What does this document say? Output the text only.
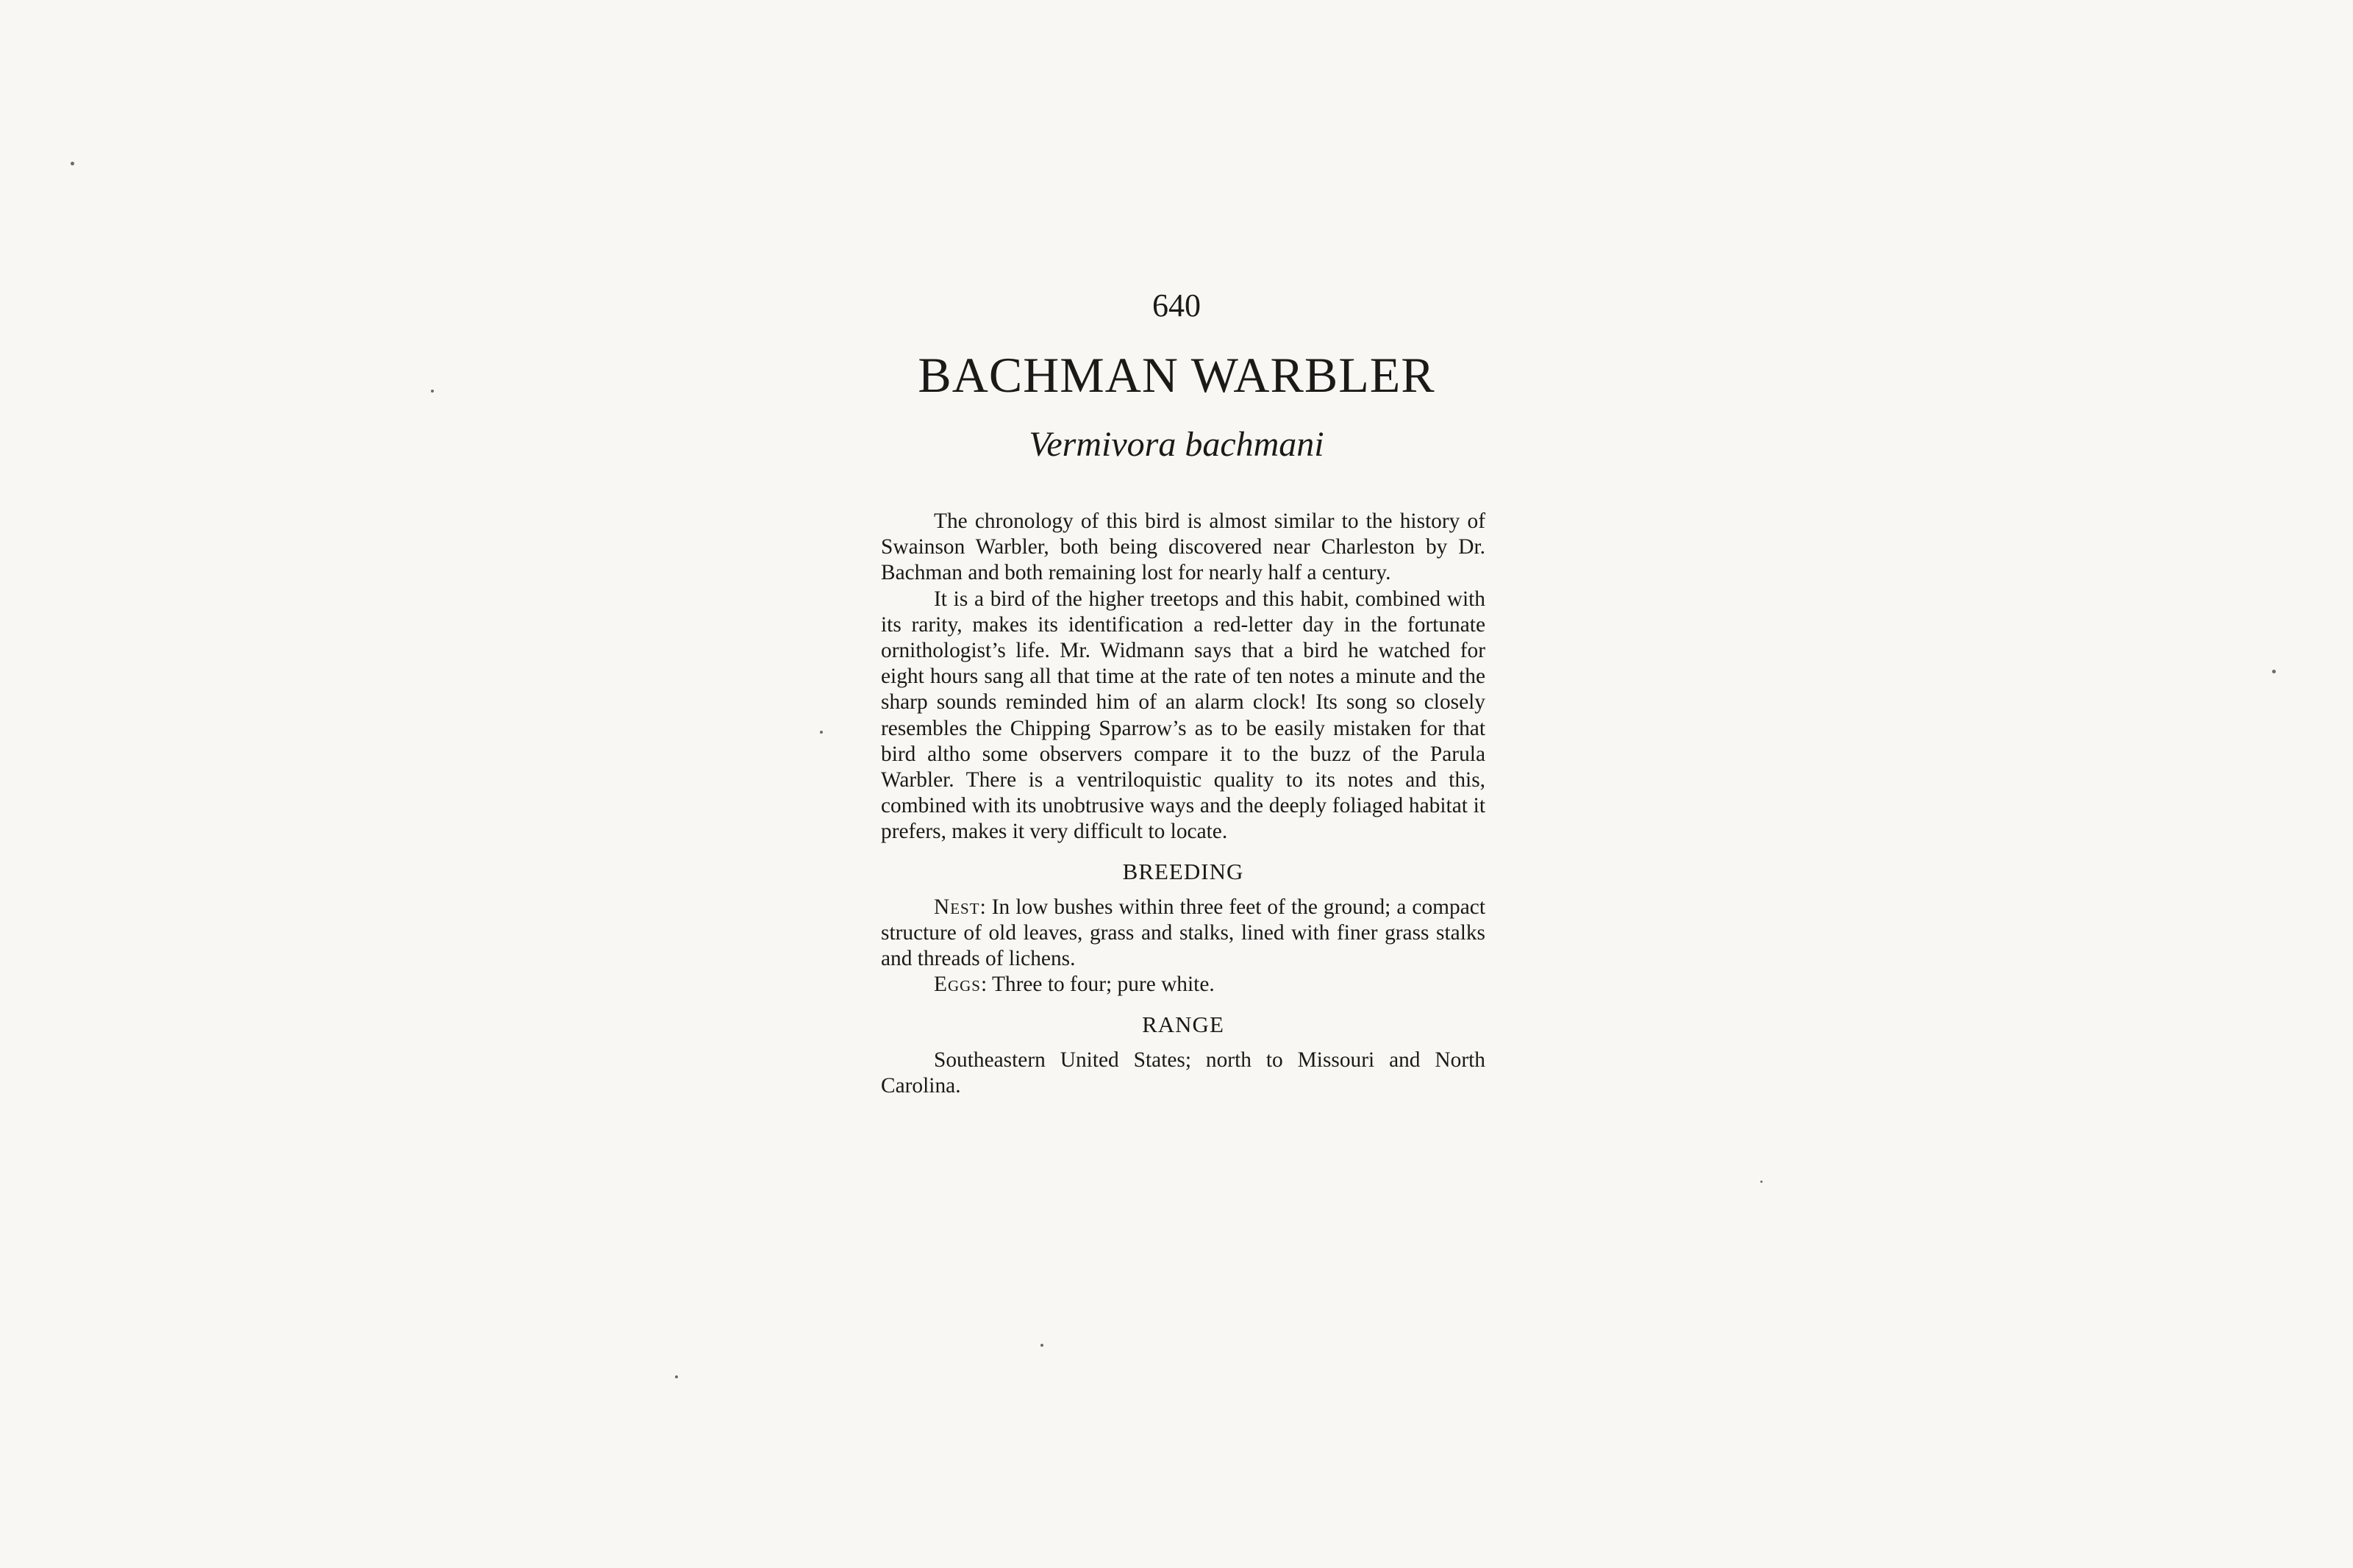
640
BACHMAN WARBLER
Vermivora bachmani

The chronology of this bird is almost similar to the history of Swainson Warbler, both being discovered near Charleston by Dr. Bachman and both remaining lost for nearly half a century.

It is a bird of the higher treetops and this habit, combined with its rarity, makes its identification a red-letter day in the fortunate ornithologist’s life. Mr. Widmann says that a bird he watched for eight hours sang all that time at the rate of ten notes a minute and the sharp sounds reminded him of an alarm clock! Its song so closely resembles the Chipping Sparrow’s as to be easily mistaken for that bird altho some observers compare it to the buzz of the Parula Warbler. There is a ventriloquistic quality to its notes and this, combined with its unobtrusive ways and the deeply foliaged habitat it prefers, makes it very difficult to locate.

BREEDING

Nest: In low bushes within three feet of the ground; a compact structure of old leaves, grass and stalks, lined with finer grass stalks and threads of lichens.

Eggs: Three to four; pure white.

RANGE

Southeastern United States; north to Missouri and North Carolina.
